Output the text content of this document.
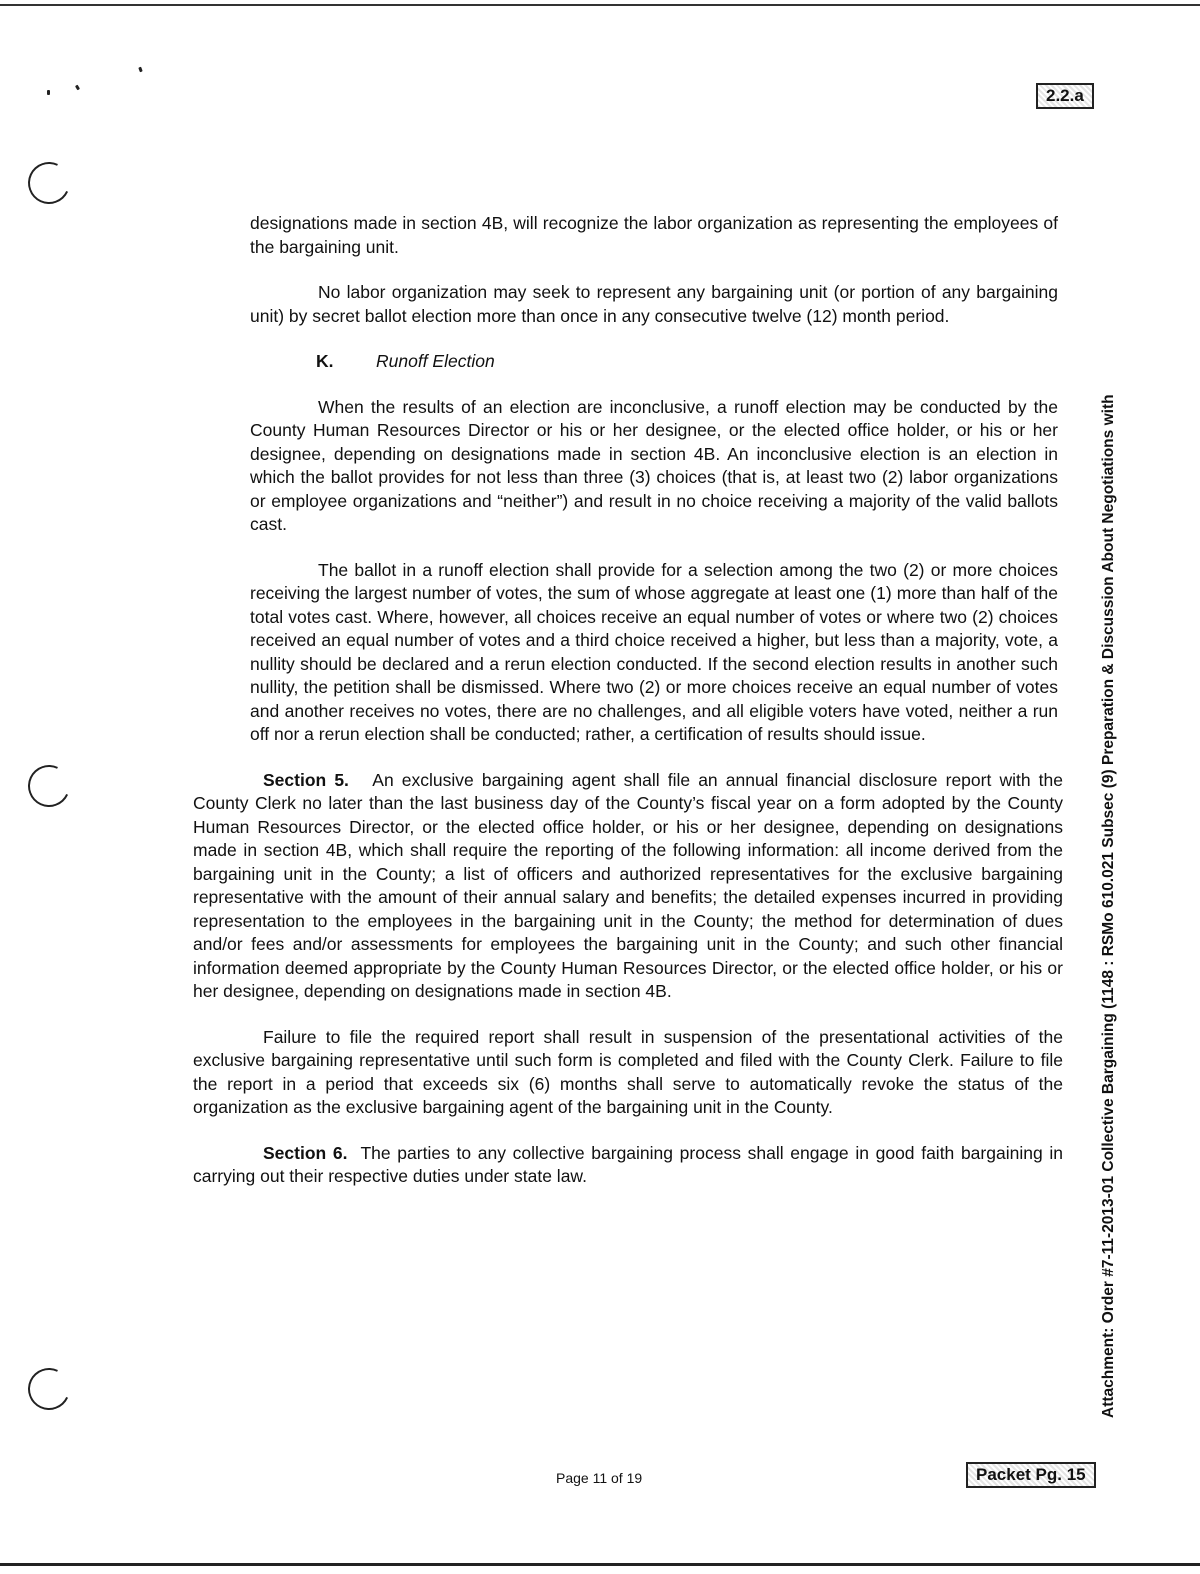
2.2.a
Attachment: Order #7-11-2013-01 Collective Bargaining (1148 : RSMo 610.021 Subsec (9) Preparation & Discussion About Negotiations with

designations made in section 4B, will recognize the labor organization as representing the employees of the bargaining unit.

No labor organization may seek to represent any bargaining unit (or portion of any bargaining unit) by secret ballot election more than once in any consecutive twelve (12) month period.

K. Runoff Election

When the results of an election are inconclusive, a runoff election may be conducted by the County Human Resources Director or his or her designee, or the elected office holder, or his or her designee, depending on designations made in section 4B. An inconclusive election is an election in which the ballot provides for not less than three (3) choices (that is, at least two (2) labor organizations or employee organizations and “neither”) and result in no choice receiving a majority of the valid ballots cast.

The ballot in a runoff election shall provide for a selection among the two (2) or more choices receiving the largest number of votes, the sum of whose aggregate at least one (1) more than half of the total votes cast. Where, however, all choices receive an equal number of votes or where two (2) choices received an equal number of votes and a third choice received a higher, but less than a majority, vote, a nullity should be declared and a rerun election conducted. If the second election results in another such nullity, the petition shall be dismissed. Where two (2) or more choices receive an equal number of votes and another receives no votes, there are no challenges, and all eligible voters have voted, neither a run off nor a rerun election shall be conducted; rather, a certification of results should issue.

Section 5. An exclusive bargaining agent shall file an annual financial disclosure report with the County Clerk no later than the last business day of the County’s fiscal year on a form adopted by the County Human Resources Director, or the elected office holder, or his or her designee, depending on designations made in section 4B, which shall require the reporting of the following information: all income derived from the bargaining unit in the County; a list of officers and authorized representatives for the exclusive bargaining representative with the amount of their annual salary and benefits; the detailed expenses incurred in providing representation to the employees in the bargaining unit in the County; the method for determination of dues and/or fees and/or assessments for employees the bargaining unit in the County; and such other financial information deemed appropriate by the County Human Resources Director, or the elected office holder, or his or her designee, depending on designations made in section 4B.

Failure to file the required report shall result in suspension of the presentational activities of the exclusive bargaining representative until such form is completed and filed with the County Clerk. Failure to file the report in a period that exceeds six (6) months shall serve to automatically revoke the status of the organization as the exclusive bargaining agent of the bargaining unit in the County.

Section 6. The parties to any collective bargaining process shall engage in good faith bargaining in carrying out their respective duties under state law.

Page 11 of 19	Packet Pg. 15
